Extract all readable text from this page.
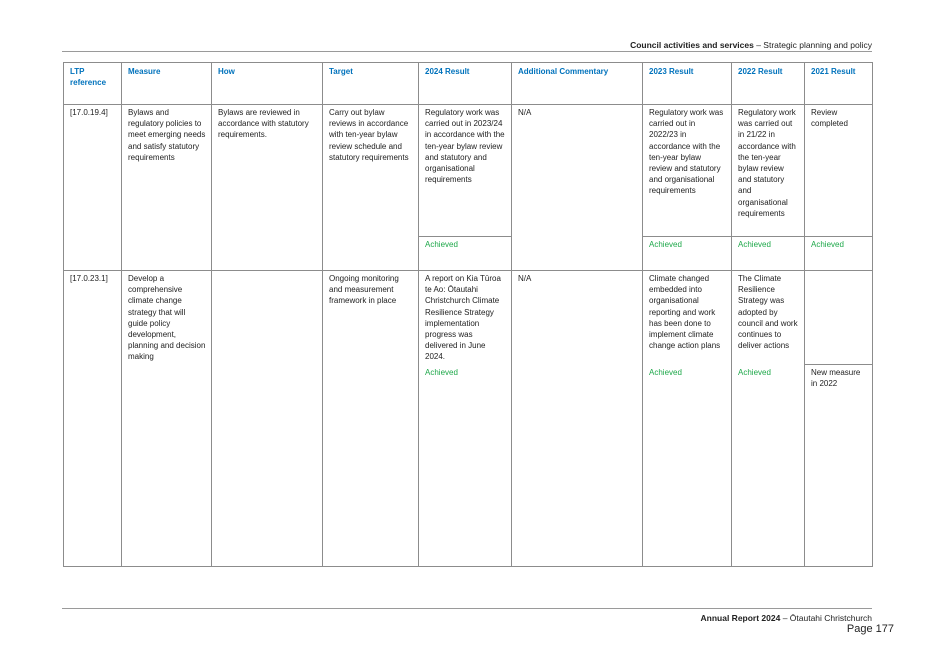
Council activities and services – Strategic planning and policy
LTP reference	Measure	How	Target	2024 Result	Additional Commentary	2023 Result	2022 Result	2021 Result
[17.0.19.4]	Bylaws and regulatory policies to meet emerging needs and satisfy statutory requirements	Bylaws are reviewed in accordance with statutory requirements.	Carry out bylaw reviews in accordance with ten-year bylaw review schedule and statutory requirements	Regulatory work was carried out in 2023/24 in accordance with the ten-year bylaw review and statutory and organisational requirements	N/A	Regulatory work was carried out in 2022/23 in accordance with the ten-year bylaw review and statutory and organisational requirements	Regulatory work was carried out in 21/22 in accordance with the ten-year bylaw review and statutory and organisational requirements	Review completed
				Achieved		Achieved	Achieved	Achieved
[17.0.23.1]	Develop a comprehensive climate change strategy that will guide policy development, planning and decision making		Ongoing monitoring and measurement framework in place	A report on Kia Tūroa te Ao: Ōtautahi Christchurch Climate Resilience Strategy implementation progress was delivered in June 2024.	N/A	Climate changed embedded into organisational reporting and work has been done to implement climate change action plans	The Climate Resilience Strategy was adopted by council and work continues to deliver actions	
				Achieved		Achieved	Achieved	New measure in 2022
Annual Report 2024 – Ōtautahi Christchurch
Page 177
